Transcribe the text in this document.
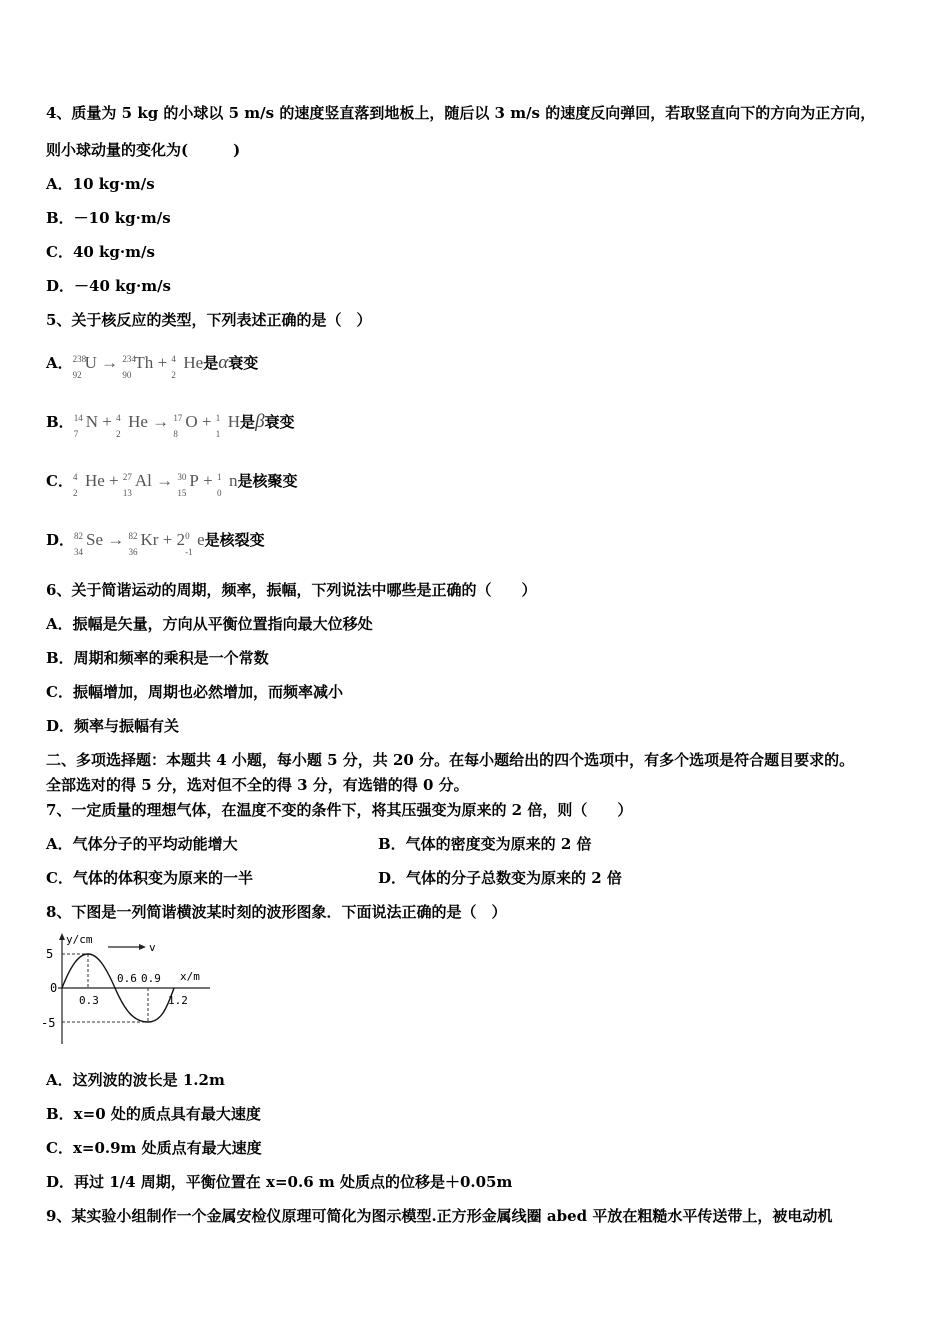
4、质量为 5 kg 的小球以 5 m/s 的速度竖直落到地板上，随后以 3 m/s 的速度反向弹回，若取竖直向下的方向为正方向，
则小球动量的变化为(　　　)
A．10 kg·m/s
B．－10 kg·m/s
C．40 kg·m/s
D．－40 kg·m/s
5、关于核反应的类型，下列表述正确的是（　）
A． 238
92
U → 234
90
Th + 4
2
He是α衰变
B． 14
7
N + 4
2
He → 17
8
O + 1
1
H是β衰变
C． 4
2
He + 27
13
Al → 30
15
P + 1
0
n是核聚变
D． 82
34
Se → 82
36
Kr + 2 0
-1
e是核裂变
6、关于简谐运动的周期，频率，振幅，下列说法中哪些是正确的（　　）
A．振幅是矢量，方向从平衡位置指向最大位移处
B．周期和频率的乘积是一个常数
C．振幅增加，周期也必然增加，而频率减小
D．频率与振幅有关
二、多项选择题：本题共 4 小题，每小题 5 分，共 20 分。在每小题给出的四个选项中，有多个选项是符合题目要求的。
全部选对的得 5 分，选对但不全的得 3 分，有选错的得 0 分。
7、一定质量的理想气体，在温度不变的条件下，将其压强变为原来的 2 倍，则（　　）
A．气体分子的平均动能增大	B．气体的密度变为原来的 2 倍
C．气体的体积变为原来的一半	D．气体的分子总数变为原来的 2 倍
8、下图是一列简谐横波某时刻的波形图象．下面说法正确的是（　）
v
y/cm
x/m
5
0
-5
0.3
0.6 0.9
1.2
A．这列波的波长是 1.2m
B．x=0 处的质点具有最大速度
C．x=0.9m 处质点有最大速度
D．再过 1/4 周期，平衡位置在 x=0.6 m 处质点的位移是＋0.05m
9、某实验小组制作一个金属安检仪原理可简化为图示模型.正方形金属线圈 abed 平放在粗糙水平传送带上，被电动机
